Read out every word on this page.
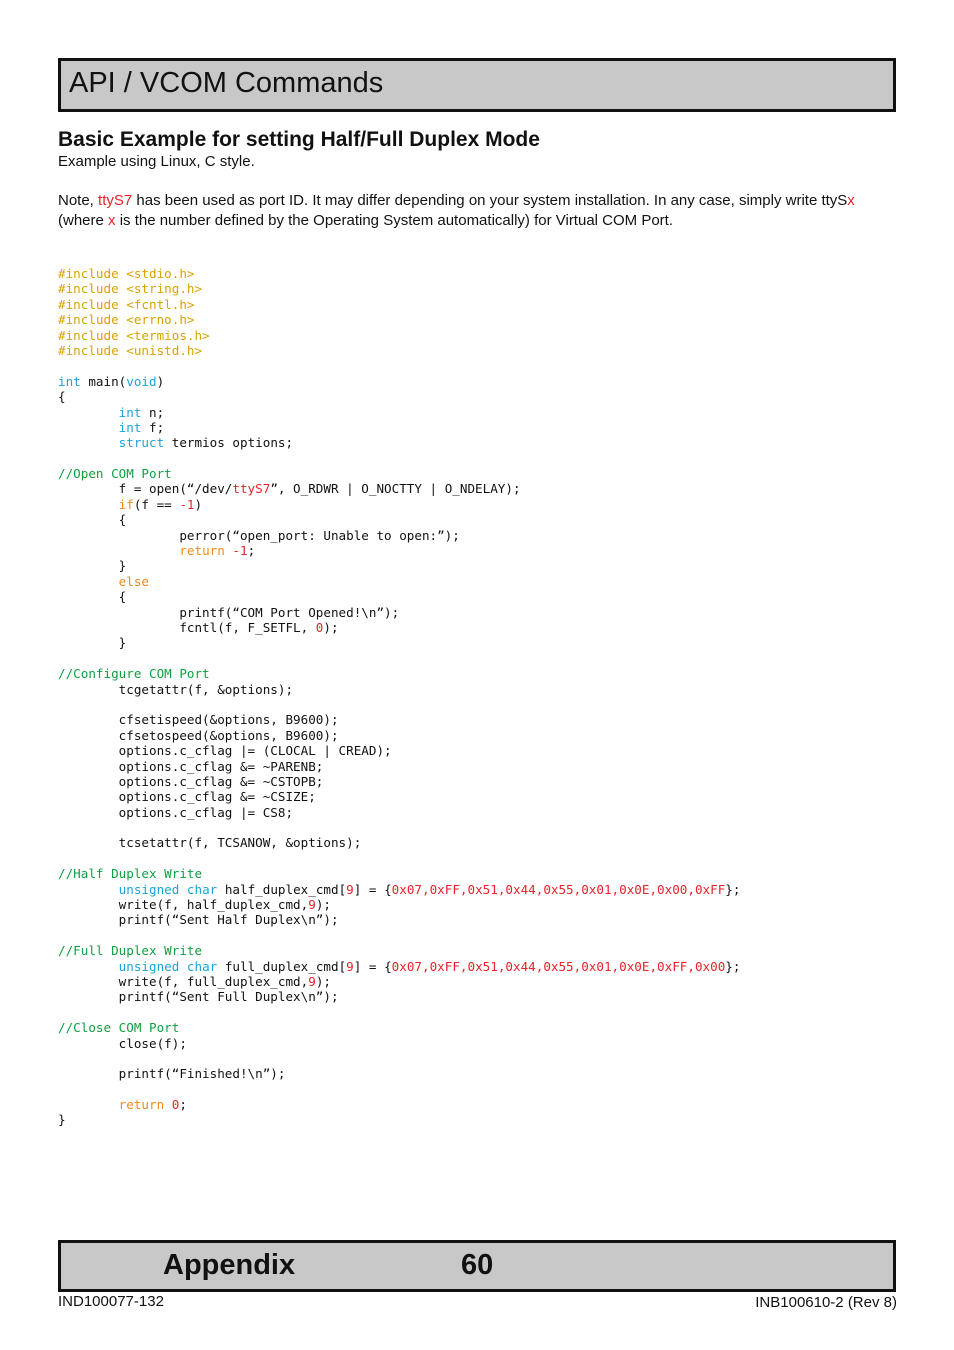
API / VCOM Commands
Basic Example for setting Half/Full Duplex Mode
Example using Linux, C style.
Note, ttyS7 has been used as port ID. It may differ depending on your system installation. In any case, simply write ttySx (where x is the number defined by the Operating System automatically) for Virtual COM Port.
#include <stdio.h>
#include <string.h>
#include <fcntl.h>
#include <errno.h>
#include <termios.h>
#include <unistd.h>
int main(void)
{
int n;
int f;
struct termios options;
//Open COM Port
f = open(“/dev/ttyS7”, O_RDWR | O_NOCTTY | O_NDELAY);
if(f == -1)
{
perror(“open_port: Unable to open:”);
return -1;
}
else
{
printf(“COM Port Opened!\n”);
fcntl(f, F_SETFL, 0);
}
//Configure COM Port
tcgetattr(f, &options);
cfsetispeed(&options, B9600);
cfsetospeed(&options, B9600);
options.c_cflag |= (CLOCAL | CREAD);
options.c_cflag &= ~PARENB;
options.c_cflag &= ~CSTOPB;
options.c_cflag &= ~CSIZE;
options.c_cflag |= CS8;
tcsetattr(f, TCSANOW, &options);
//Half Duplex Write
unsigned char half_duplex_cmd[9] = {0x07,0xFF,0x51,0x44,0x55,0x01,0x0E,0x00,0xFF};
write(f, half_duplex_cmd,9);
printf(“Sent Half Duplex\n”);
//Full Duplex Write
unsigned char full_duplex_cmd[9] = {0x07,0xFF,0x51,0x44,0x55,0x01,0x0E,0xFF,0x00};
write(f, full_duplex_cmd,9);
printf(“Sent Full Duplex\n”);
//Close COM Port
close(f);
printf(“Finished!\n”);
return 0;
}
Appendix	60
IND100077-132	INB100610-2 (Rev 8)
